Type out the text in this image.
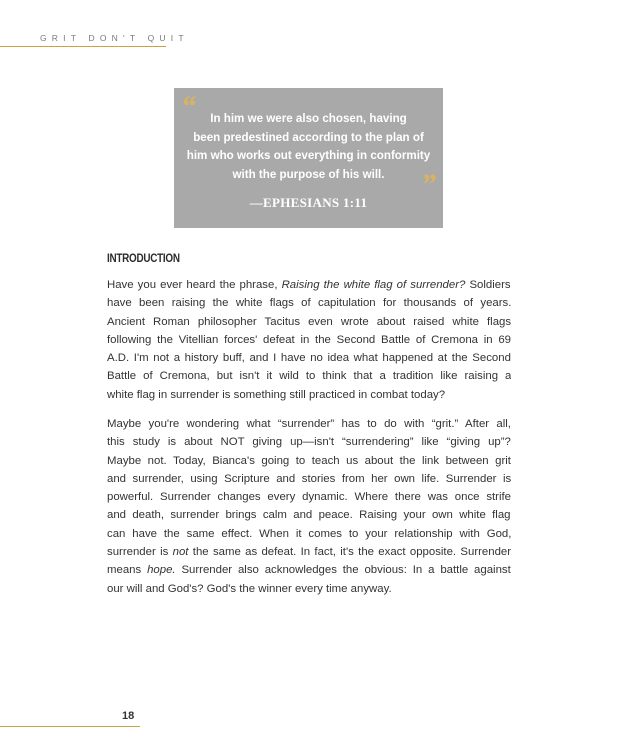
GRIT DON'T QUIT
“	In him we were also chosen, having
been predestined according to the plan of
him who works out everything in conformity
with the purpose of his will.	”
—EPHESIANS 1:11
INTRODUCTION
Have you ever heard the phrase, Raising the white flag of surrender? Soldiers
have been raising the white flags of capitulation for thousands of years.
Ancient Roman philosopher Tacitus even wrote about raised white flags
following the Vitellian forces' defeat in the Second Battle of Cremona in 69
A.D. I'm not a history buff, and I have no idea what happened at the Second
Battle of Cremona, but isn't it wild to think that a tradition like raising a
white flag in surrender is something still practiced in combat today?
Maybe you're wondering what “surrender” has to do with “grit.” After all,
this study is about NOT giving up—isn't “surrendering” like “giving up”?
Maybe not. Today, Bianca's going to teach us about the link between grit
and surrender, using Scripture and stories from her own life. Surrender is
powerful. Surrender changes every dynamic. Where there was once strife
and death, surrender brings calm and peace. Raising your own white flag
can have the same effect. When it comes to your relationship with God,
surrender is not the same as defeat. In fact, it's the exact opposite. Surrender
means hope. Surrender also acknowledges the obvious: In a battle against
our will and God's? God's the winner every time anyway.
18
